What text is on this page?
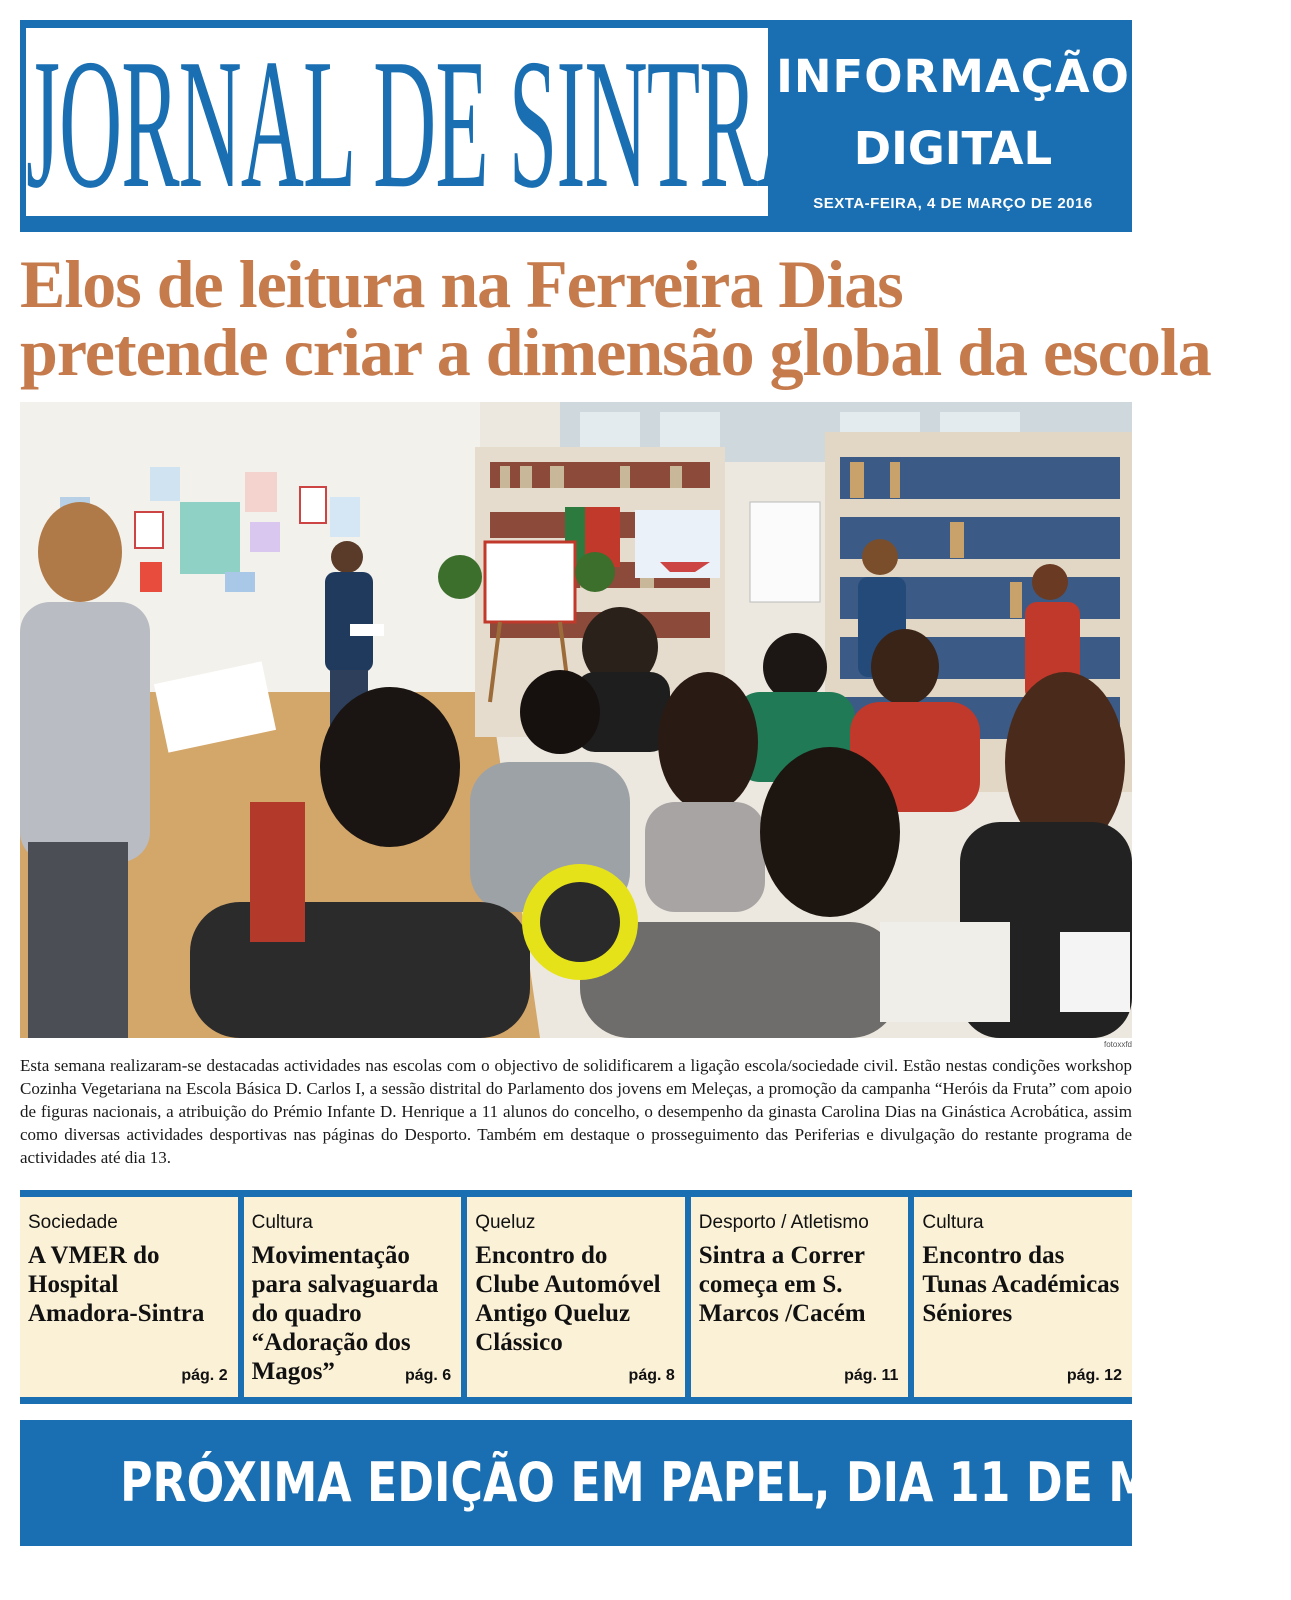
JORNAL DE SINTRA
INFORMAÇÃO
DIGITAL
SEXTA-FEIRA, 4 DE MARÇO DE 2016
Elos de leitura na Ferreira Dias
pretende criar a dimensão global da escola
fotoxxfd

Esta semana realizaram-se destacadas actividades nas escolas com o objectivo de solidificarem a ligação escola/sociedade civil. Estão nestas condições workshop Cozinha Vegetariana na Escola Básica D. Carlos I, a sessão distrital do Parlamento dos jovens em Meleças, a promoção da campanha “Heróis da Fruta” com apoio de figuras nacionais, a atribuição do Prémio Infante D. Henrique a 11 alunos do concelho, o desempenho da ginasta Carolina Dias na Ginástica Acrobática, assim como diversas actividades desportivas nas páginas do Desporto. Também em destaque o prosseguimento das Periferias e divulgação do restante programa de actividades até dia 13.

Sociedade
A VMER do Hospital Amadora-Sintra
pág. 2
Cultura
Movimentação para salvaguarda do quadro “Adoração dos Magos”	pág. 6
Queluz
Encontro do Clube Automóvel Antigo Queluz Clássico
pág. 8
Desporto / Atletismo
Sintra a Correr começa em S. Marcos /Cacém
pág. 11
Cultura
Encontro das Tunas Académicas Séniores
pág. 12
PRÓXIMA EDIÇÃO EM PAPEL, DIA 11 DE MARÇO
